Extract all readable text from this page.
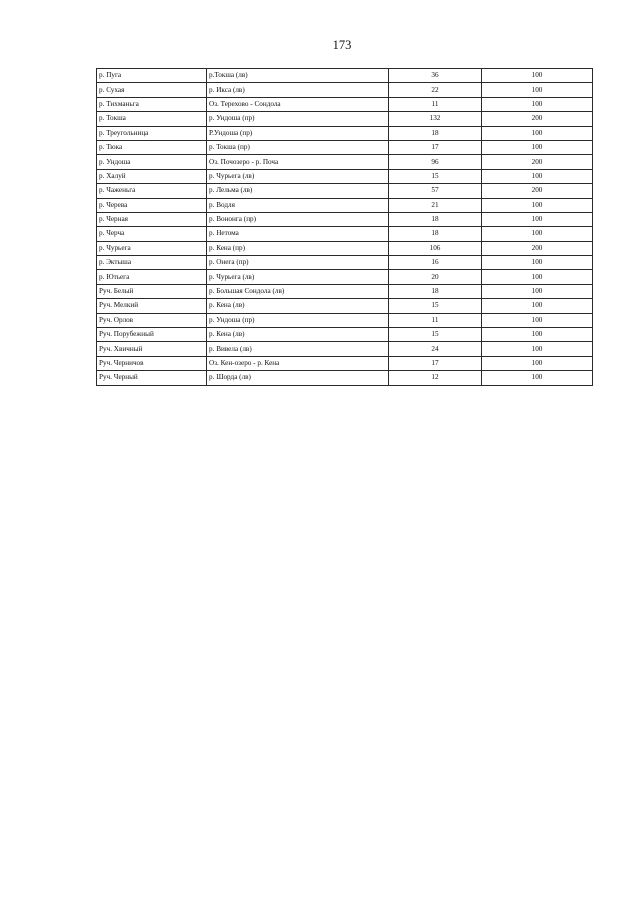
173
р. Пуга	р.Токша (лв)	36	100
р. Сухая	р. Икса (лв)	22	100
р. Тихманьга	Оз. Терехово - Сондола	11	100
р. Токша	р. Ундоша (пр)	132	200
р. Треугольница	Р.Ундоша (пр)	18	100
р. Тюка	р. Токша (пр)	17	100
р. Ундоша	Оз. Почозеро - р. Поча	96	200
р. Халуй	р. Чурьега (лв)	15	100
р. Чаженьга	р. Лельма (лв)	57	200
р. Черева	р. Водля	21	100
р. Черная	р. Вононга (пр)	18	100
р. Черча	р. Нетома	18	100
р. Чурьега	р. Кена (пр)	106	200
р. Эктыша	р. Онега (пр)	16	100
р. Ютьега	р. Чурьега (лв)	20	100
Руч. Белый	р. Большая Сондола (лв)	18	100
Руч. Мелкий	р. Кена (лв)	15	100
Руч. Орлов	р. Ундоша (пр)	11	100
Руч. Порубежный	р. Кена (лв)	15	100
Руч. Хвичный	р. Вивела (лв)	24	100
Руч. Черничов	Оз. Кен-озеро - р. Кена	17	100
Руч. Черный	р. Шорда (лв)	12	100
